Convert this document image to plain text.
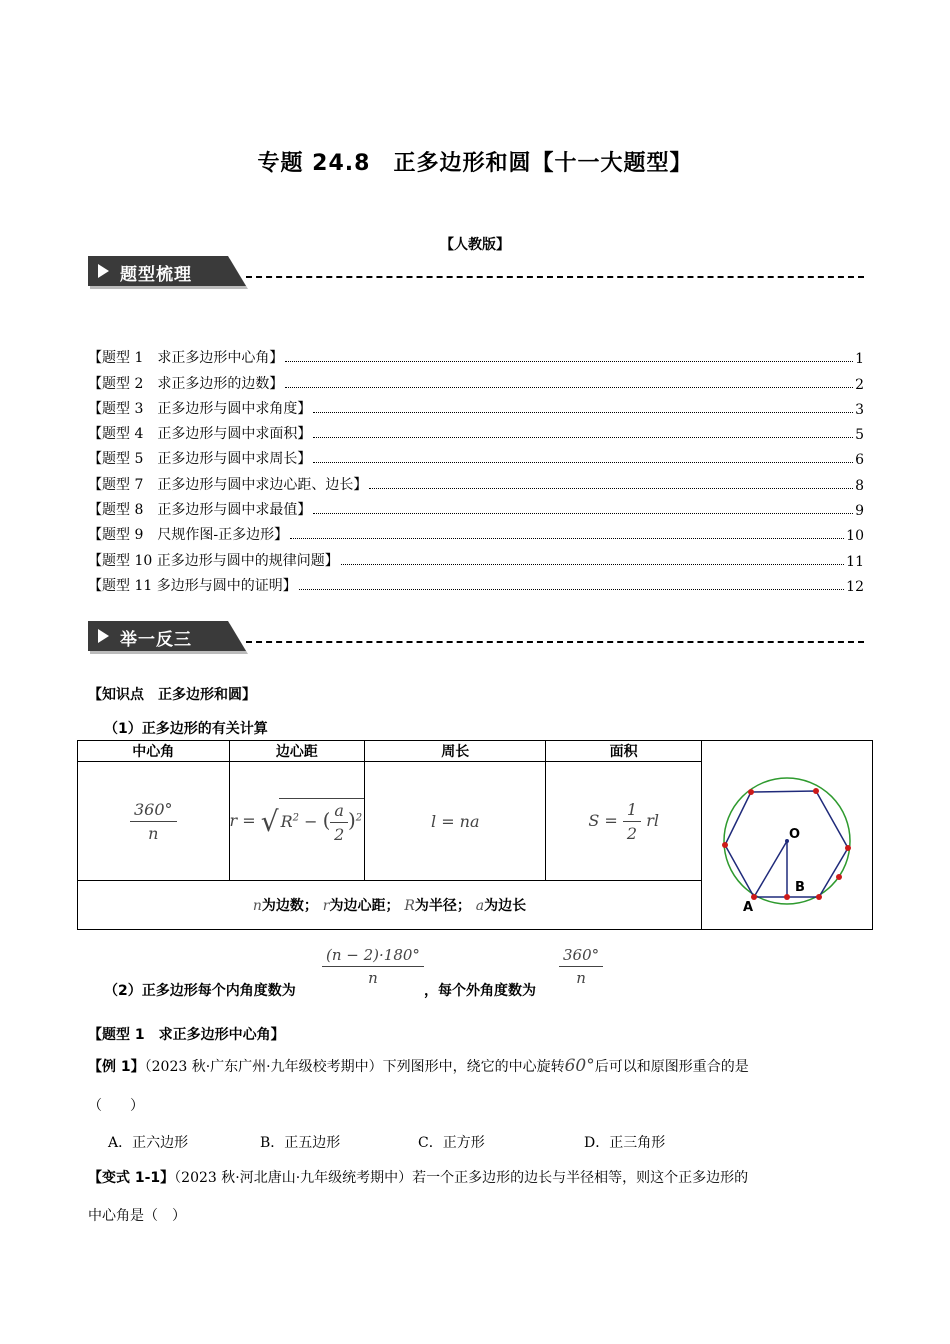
专题 24.8　正多边形和圆【十一大题型】
【人教版】
题型梳理
【题型 1　求正多边形中心角】	1
【题型 2　求正多边形的边数】	2
【题型 3　正多边形与圆中求角度】	3
【题型 4　正多边形与圆中求面积】	5
【题型 5　正多边形与圆中求周长】	6
【题型 7　正多边形与圆中求边心距、边长】	8
【题型 8　正多边形与圆中求最值】	9
【题型 9　尺规作图-正多边形】	10
【题型 10 正多边形与圆中的规律问题】	11
【题型 11 多边形与圆中的证明】	12
举一反三
【知识点　正多边形和圆】
（1）正多边形的有关计算
中心角	边心距	周长	面积	O
A
B

$\frac{360^\circ}{n}$	r = √ $R^2$ − ( $\frac{a}{2} )^2$	l = na	$S = \frac{1}{2}$ rl	
n为边数； r为边心距； R为半径； a为边长				
（2）正多边形每个内角度数为
$\frac{(n - 2)\cdot 180^\circ}{n}$
，每个外角度数为
$\frac{360^\circ}{n}$
【题型 1　求正多边形中心角】
【例 1】（2023 秋·广东广州·九年级校考期中）下列图形中，绕它的中心旋转60°后可以和原图形重合的是
（　　）
A．正六边形	B．正五边形	C．正方形	D．正三角形
【变式 1-1】（2023 秋·河北唐山·九年级统考期中）若一个正多边形的边长与半径相等，则这个正多边形的
中心角是（　）
